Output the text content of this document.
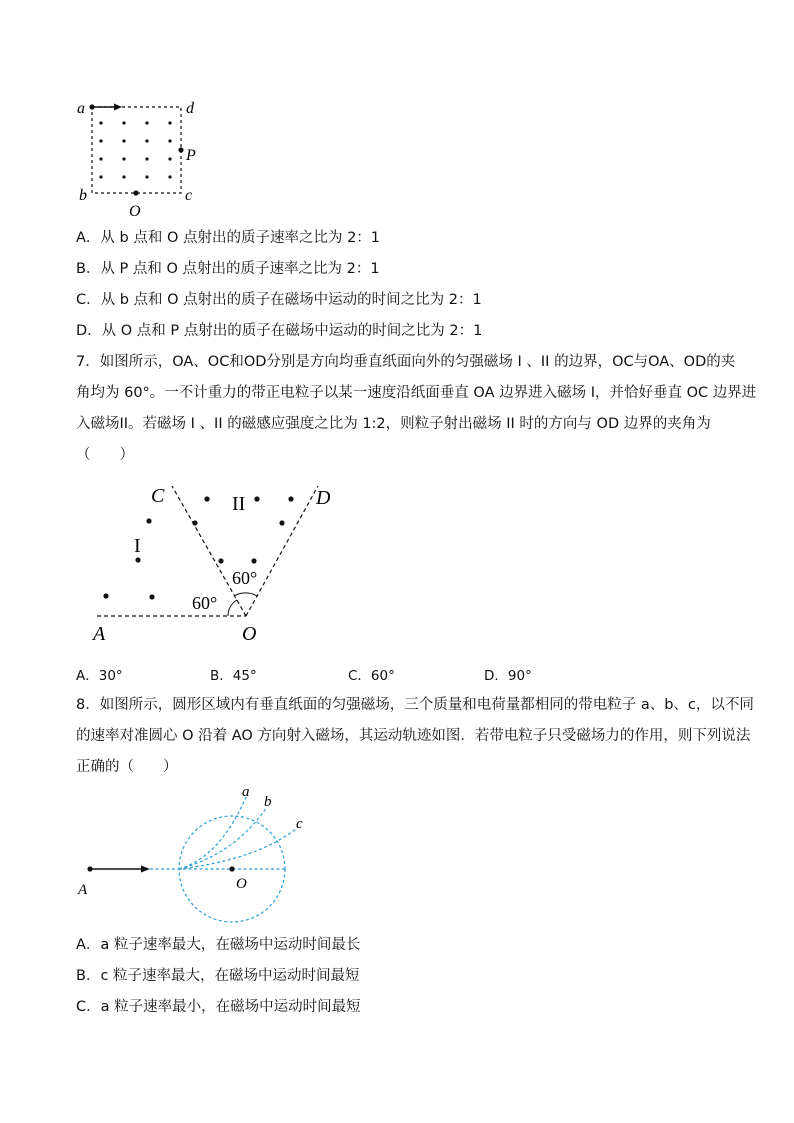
a	d
b	c
P
O
A．从 b 点和 O 点射出的质子速率之比为 2：1
B．从 P 点和 O 点射出的质子速率之比为 2：1
C．从 b 点和 O 点射出的质子在磁场中运动的时间之比为 2：1
D．从 O 点和 P 点射出的质子在磁场中运动的时间之比为 2：1
7．如图所示，OA、OC和OD分别是方向均垂直纸面向外的匀强磁场 I 、II 的边界，OC与OA、OD的夹
角均为 60°。一不计重力的带正电粒子以某一速度沿纸面垂直 OA 边界进入磁场 I，并恰好垂直 OC 边界进
入磁场II。若磁场 I 、II 的磁感应强度之比为 1:2，则粒子射出磁场 II 时的方向与 OD 边界的夹角为
（　　）
C	D
A	O
I
II
60°
60°
A．30°	B．45°	C．60°	D．90°
8．如图所示，圆形区域内有垂直纸面的匀强磁场，三个质量和电荷量都相同的带电粒子 a、b、c，以不同
的速率对准圆心 O 沿着 AO 方向射入磁场，其运动轨迹如图．若带电粒子只受磁场力的作用，则下列说法
正确的（　　）
a
b
c
A	O
A．a 粒子速率最大，在磁场中运动时间最长
B．c 粒子速率最大，在磁场中运动时间最短
C．a 粒子速率最小，在磁场中运动时间最短
